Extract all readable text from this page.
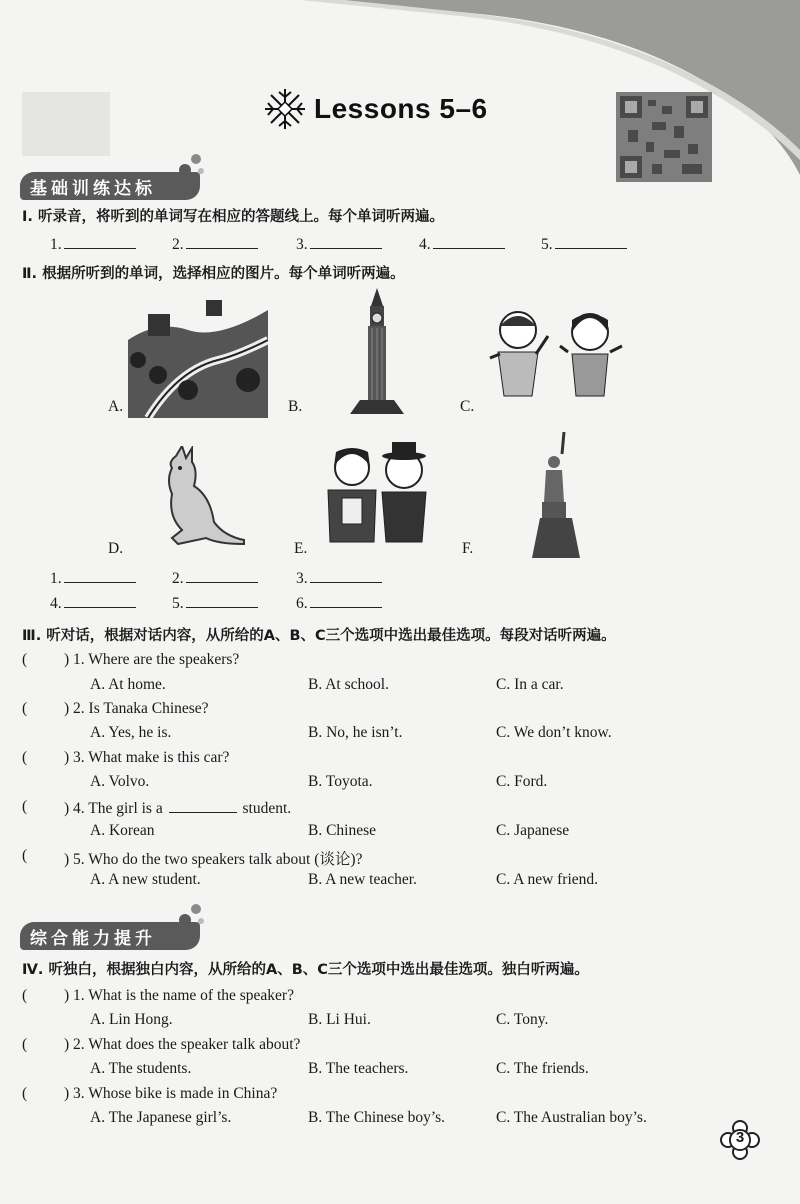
Lessons 5–6

基础训练达标
Ⅰ. 听录音，将听到的单词写在相应的答题线上。每个单词听两遍。
1.	2.	3.	4.	5.
Ⅱ. 根据所听到的单词，选择相应的图片。每个单词听两遍。
A.	B.	C.
D.	E.	F.
1.	2.	3.
4.	5.	6.
Ⅲ. 听对话，根据对话内容，从所给的A、B、C三个选项中选出最佳选项。每段对话听两遍。
( ) 1. Where are the speakers?
A. At home.	B. At school.	C. In a car.
( ) 2. Is Tanaka Chinese?
A. Yes, he is.	B. No, he isn’t.	C. We don’t know.
( ) 3. What make is this car?
A. Volvo.	B. Toyota.	C. Ford.
( ) 4. The girl is a	student.
A. Korean	B. Chinese	C. Japanese
( ) 5. Who do the two speakers talk about (谈论)?
A. A new student.	B. A new teacher.	C. A new friend.
综合能力提升
Ⅳ. 听独白，根据独白内容，从所给的A、B、C三个选项中选出最佳选项。独白听两遍。
( ) 1. What is the name of the speaker?
A. Lin Hong.	B. Li Hui.	C. Tony.
( ) 2. What does the speaker talk about?
A. The students.	B. The teachers.	C. The friends.
( ) 3. Whose bike is made in China?
A. The Japanese girl’s.	B. The Chinese boy’s.	C. The Australian boy’s.
3
